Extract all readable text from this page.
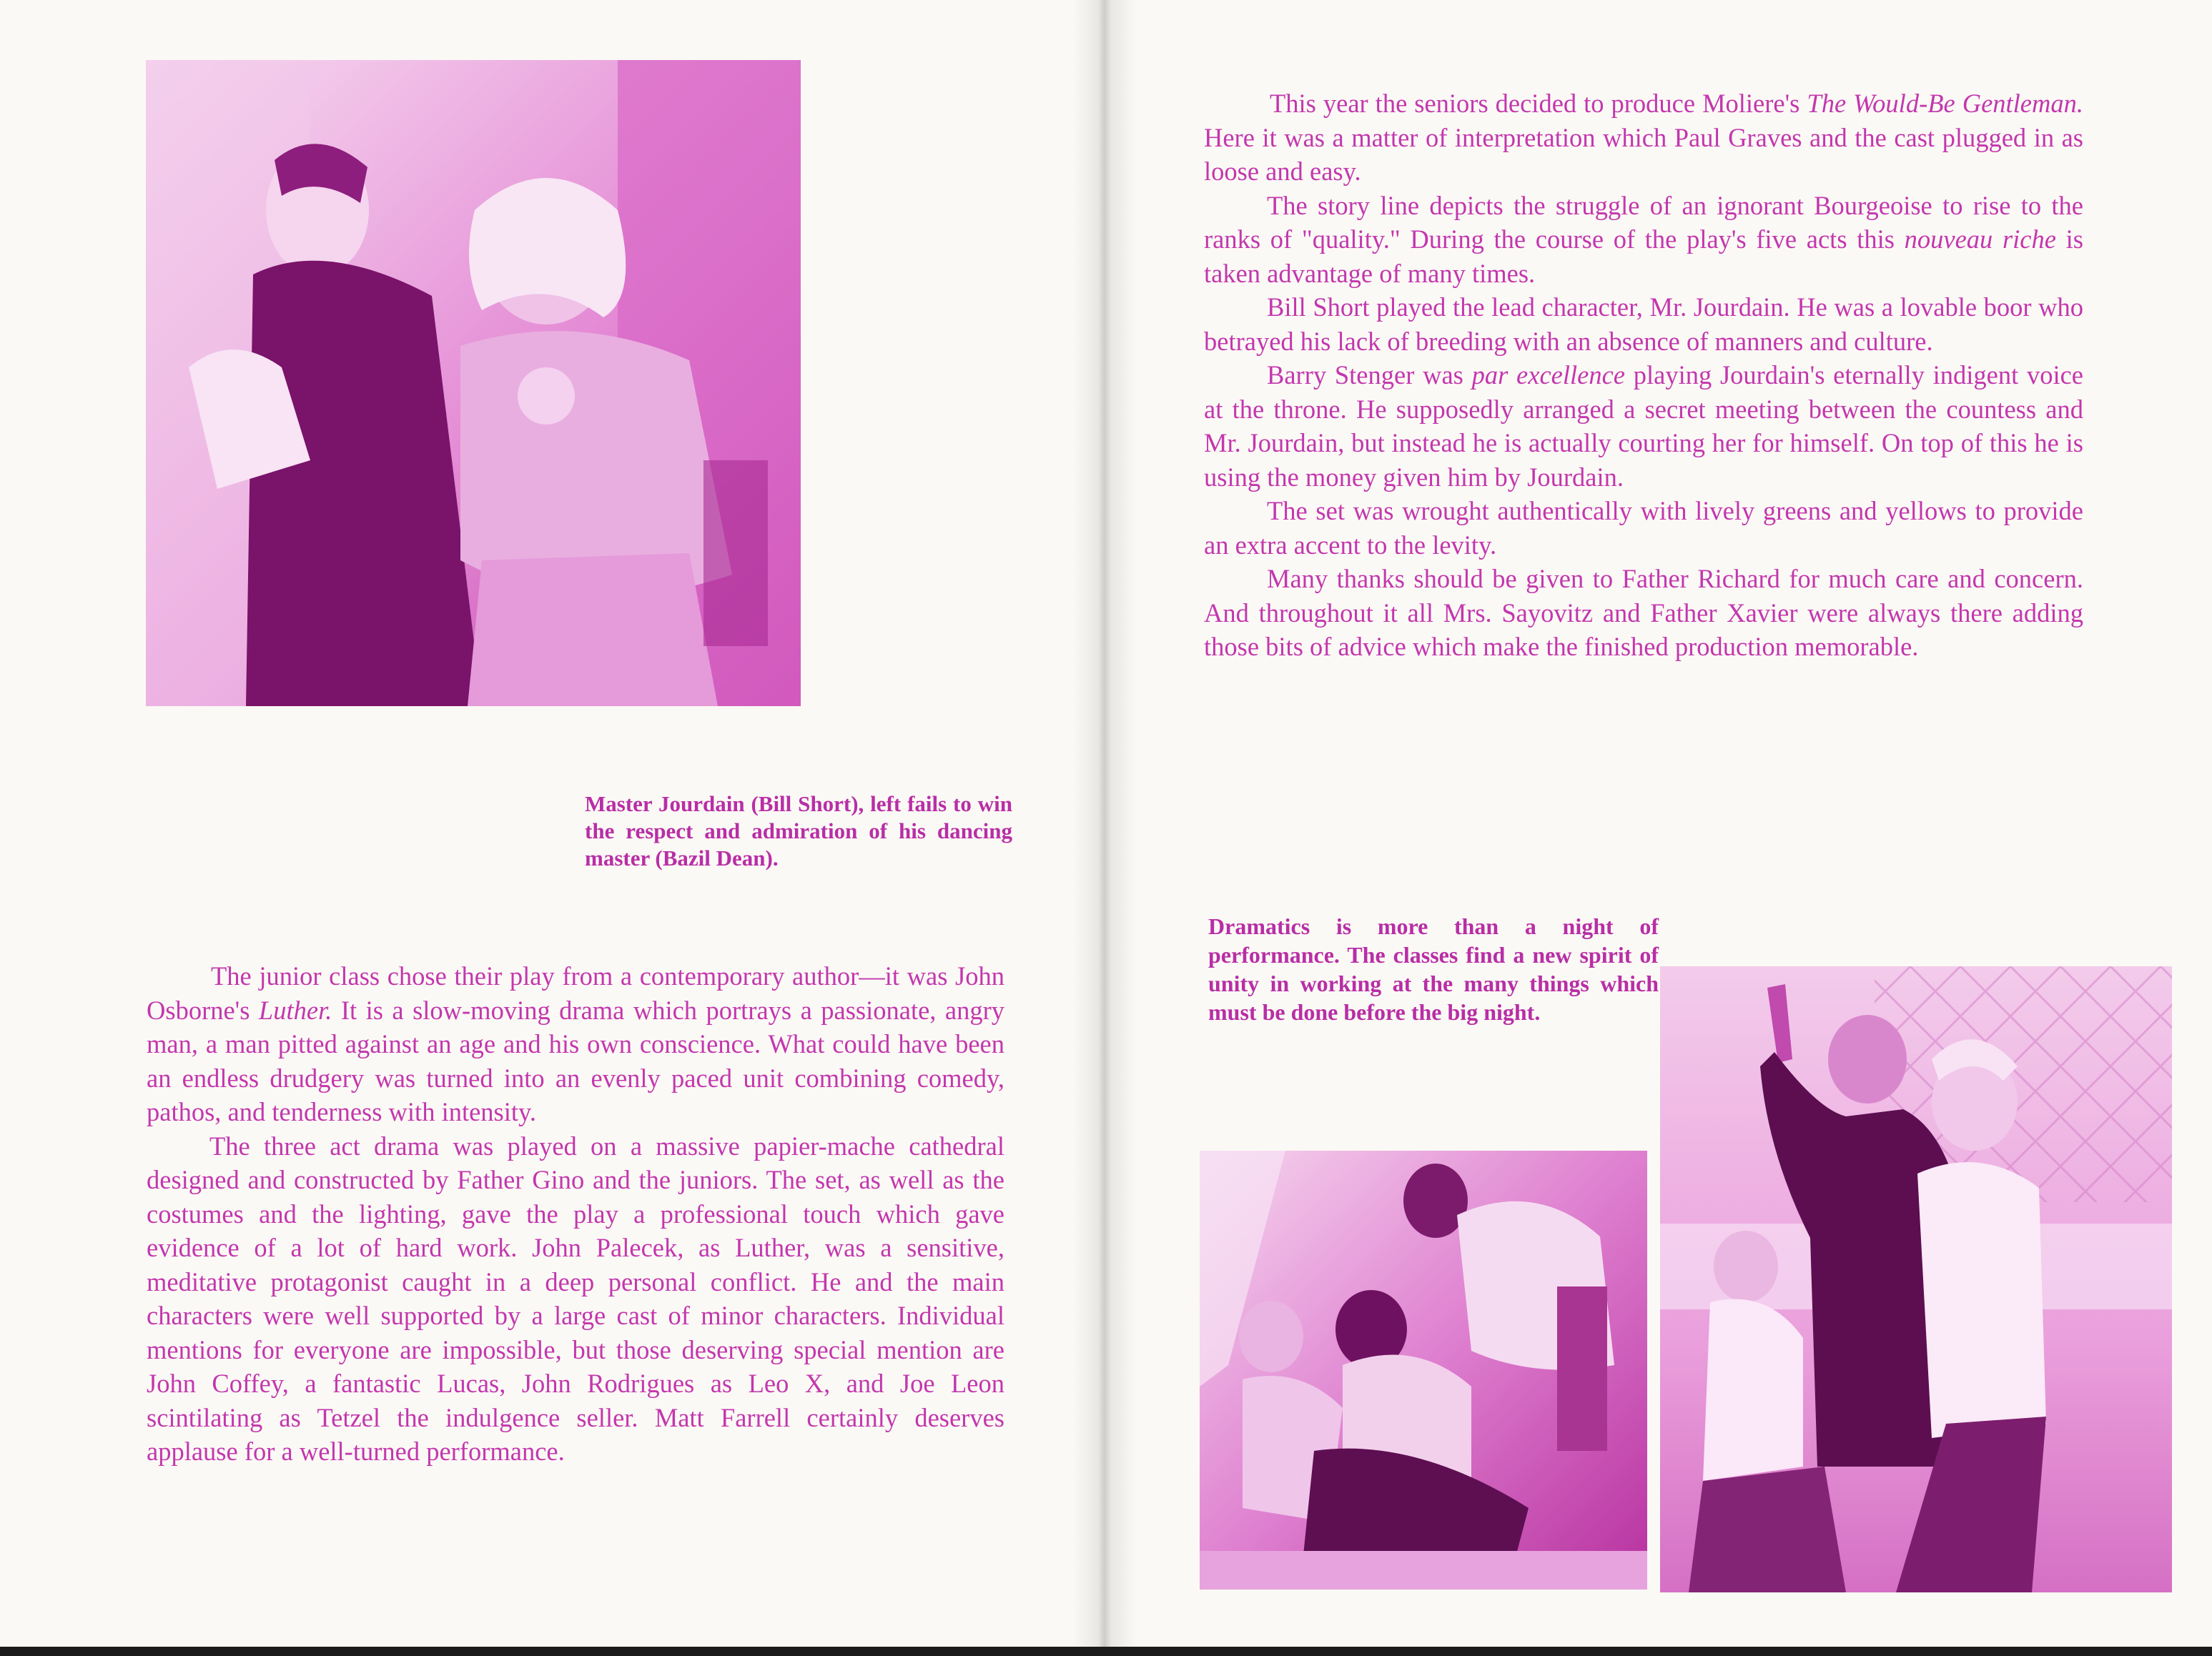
Master Jourdain (Bill Short), left fails to win the respect and admiration of his dancing master (Bazil Dean).

The junior class chose their play from a contemporary author—it was John Osborne's Luther. It is a slow-moving drama which portrays a passionate, angry man, a man pitted against an age and his own conscience. What could have been an endless drudgery was turned into an evenly paced unit combining comedy, pathos, and tenderness with intensity.

The three act drama was played on a massive papier-mache cathedral designed and constructed by Father Gino and the juniors. The set, as well as the costumes and the lighting, gave the play a professional touch which gave evidence of a lot of hard work. John Palecek, as Luther, was a sensitive, meditative protagonist caught in a deep personal conflict. He and the main characters were well supported by a large cast of minor characters. Individual mentions for everyone are impossible, but those deserving special mention are John Coffey, a fantastic Lucas, John Rodrigues as Leo X, and Joe Leon scintilating as Tetzel the indulgence seller. Matt Farrell certainly deserves applause for a well-turned performance.

This year the seniors decided to produce Moliere's The Would-Be Gentleman. Here it was a matter of interpretation which Paul Graves and the cast plugged in as loose and easy.

The story line depicts the struggle of an ignorant Bourgeoise to rise to the ranks of "quality." During the course of the play's five acts this nouveau riche is taken advantage of many times.

Bill Short played the lead character, Mr. Jourdain. He was a lovable boor who betrayed his lack of breeding with an absence of manners and culture.

Barry Stenger was par excellence playing Jourdain's eternally indigent voice at the throne. He supposedly arranged a secret meeting between the countess and Mr. Jourdain, but instead he is actually courting her for himself. On top of this he is using the money given him by Jourdain.

The set was wrought authentically with lively greens and yellows to provide an extra accent to the levity.

Many thanks should be given to Father Richard for much care and concern. And throughout it all Mrs. Sayovitz and Father Xavier were always there adding those bits of advice which make the finished production memorable.

Dramatics is more than a night of performance. The classes find a new spirit of unity in working at the many things which must be done before the big night.
